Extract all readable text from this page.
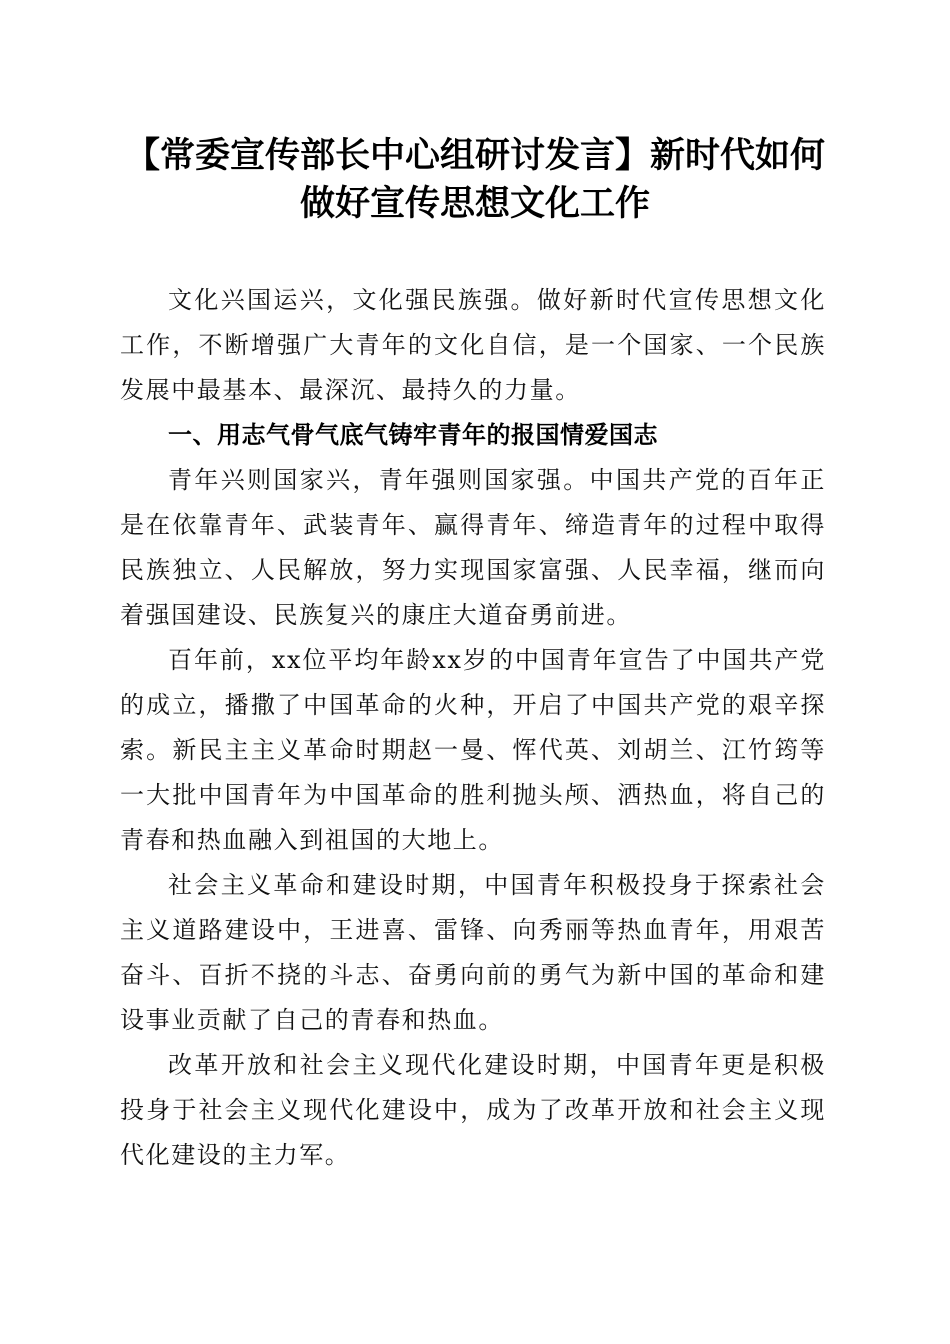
【常委宣传部长中心组研讨发言】新时代如何
做好宣传思想文化工作

文化兴国运兴，文化强民族强。做好新时代宣传思想文化工作，不断增强广大青年的文化自信，是一个国家、一个民族发展中最基本、最深沉、最持久的力量。

一、用志气骨气底气铸牢青年的报国情爱国志

青年兴则国家兴，青年强则国家强。中国共产党的百年正是在依靠青年、武装青年、赢得青年、缔造青年的过程中取得民族独立、人民解放，努力实现国家富强、人民幸福，继而向着强国建设、民族复兴的康庄大道奋勇前进。

百年前，xx位平均年龄xx岁的中国青年宣告了中国共产党的成立，播撒了中国革命的火种，开启了中国共产党的艰辛探索。新民主主义革命时期赵一曼、恽代英、刘胡兰、江竹筠等一大批中国青年为中国革命的胜利抛头颅、洒热血，将自己的青春和热血融入到祖国的大地上。

社会主义革命和建设时期，中国青年积极投身于探索社会主义道路建设中，王进喜、雷锋、向秀丽等热血青年，用艰苦奋斗、百折不挠的斗志、奋勇向前的勇气为新中国的革命和建设事业贡献了自己的青春和热血。

改革开放和社会主义现代化建设时期，中国青年更是积极投身于社会主义现代化建设中，成为了改革开放和社会主义现代化建设的主力军。
